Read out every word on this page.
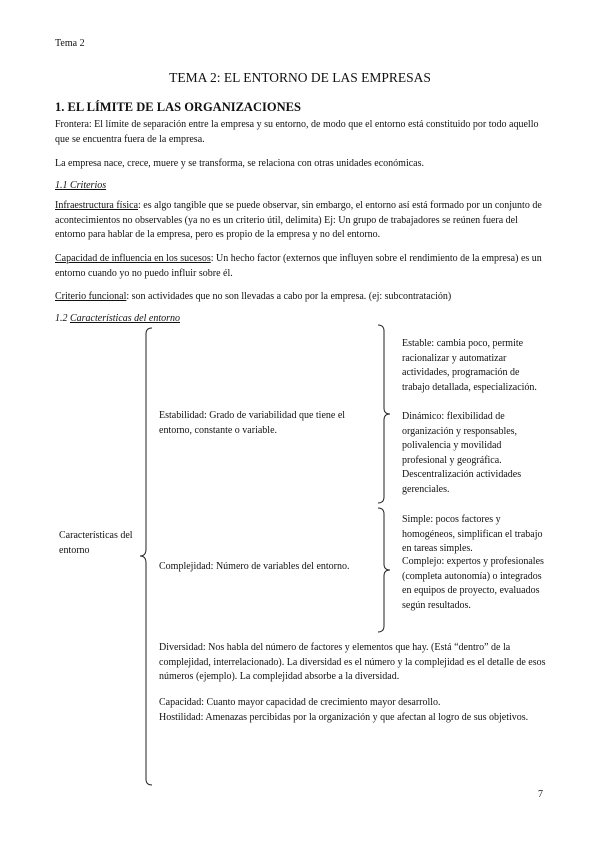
Tema 2
TEMA 2: EL ENTORNO DE LAS EMPRESAS
1. EL LÍMITE DE LAS ORGANIZACIONES

Frontera: El límite de separación entre la empresa y su entorno, de modo que el entorno está constituido por todo aquello que se encuentra fuera de la empresa.

La empresa nace, crece, muere y se transforma, se relaciona con otras unidades económicas.

1.1 Criterios

Infraestructura física: es algo tangible que se puede observar, sin embargo, el entorno así está formado por un conjunto de acontecimientos no observables (ya no es un criterio útil, delimita) Ej: Un grupo de trabajadores se reúnen fuera del entorno para hablar de la empresa, pero es propio de la empresa y no del entorno.

Capacidad de influencia en los sucesos: Un hecho factor (externos que influyen sobre el rendimiento de la empresa) es un entorno cuando yo no puedo influir sobre él.

Criterio funcional: son actividades que no son llevadas a cabo por la empresa. (ej: subcontratación)

1.2 Características del entorno
Características del entorno
Estabilidad: Grado de variabilidad que tiene el entorno, constante o variable.

Estable: cambia poco, permite racionalizar y automatizar actividades, programación de trabajo detallada, especialización.

Dinámico: flexibilidad de organización y responsables, polivalencia y movilidad profesional y geográfica. Descentralización actividades gerenciales.

Complejidad: Número de variables del entorno.

Simple: pocos factores y homogéneos, simplifican el trabajo en tareas simples.

Complejo: expertos y profesionales (completa autonomía) o integrados en equipos de proyecto, evaluados según resultados.

Diversidad: Nos habla del número de factores y elementos que hay. (Está “dentro” de la complejidad, interrelacionado). La diversidad es el número y la complejidad es el detalle de esos números (ejemplo). La complejidad absorbe a la diversidad.

Capacidad: Cuanto mayor capacidad de crecimiento mayor desarrollo.

Hostilidad: Amenazas percibidas por la organización y que afectan al logro de sus objetivos.

7
